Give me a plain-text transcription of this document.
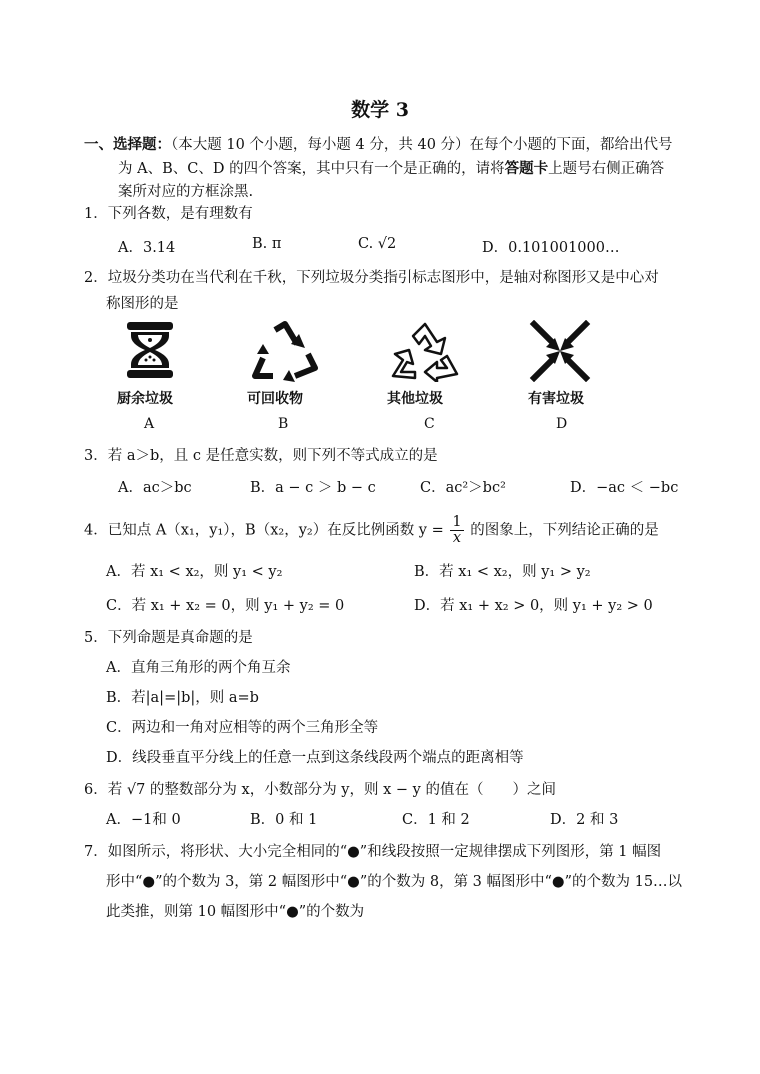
数学 3
一、选择题：（本大题 10 个小题，每小题 4 分，共 40 分）在每个小题的下面，都给出代号
为 A、B、C、D 的四个答案，其中只有一个是正确的，请将答题卡上题号右侧正确答
案所对应的方框涂黑.
1．下列各数，是有理数有
A．3.14	B. π	C. √2	D．0.101001000…
2．垃圾分类功在当代利在千秋，下列垃圾分类指引标志图形中，是轴对称图形又是中心对
称图形的是
厨余垃圾
A
可回收物
B
其他垃圾
C
有害垃圾
D
3．若 a＞b，且 c 是任意实数，则下列不等式成立的是
A．ac＞bc	B．a − c ＞ b − c	C．ac²＞bc²	D．−ac ＜ −bc
4．已知点 A（x₁，y₁），B（x₂，y₂）在反比例函数 $y = \frac{1}{x}$ 的图象上，下列结论正确的是
A．若 x₁ < x₂，则 y₁ < y₂	B．若 x₁ < x₂，则 y₁ > y₂
C．若 x₁ + x₂ = 0，则 y₁ + y₂ = 0	D．若 x₁ + x₂ > 0，则 y₁ + y₂ > 0
5．下列命题是真命题的是
A．直角三角形的两个角互余
B．若|a|=|b|，则 a=b
C．两边和一角对应相等的两个三角形全等
D．线段垂直平分线上的任意一点到这条线段两个端点的距离相等
6．若 √7 的整数部分为 x，小数部分为 y，则 x − y 的值在（　　）之间
A．−1和 0	B．0 和 1	C．1 和 2	D．2 和 3
7．如图所示，将形状、大小完全相同的“●”和线段按照一定规律摆成下列图形，第 1 幅图
形中“●”的个数为 3，第 2 幅图形中“●”的个数为 8，第 3 幅图形中“●”的个数为 15…以
此类推，则第 10 幅图形中“●”的个数为
